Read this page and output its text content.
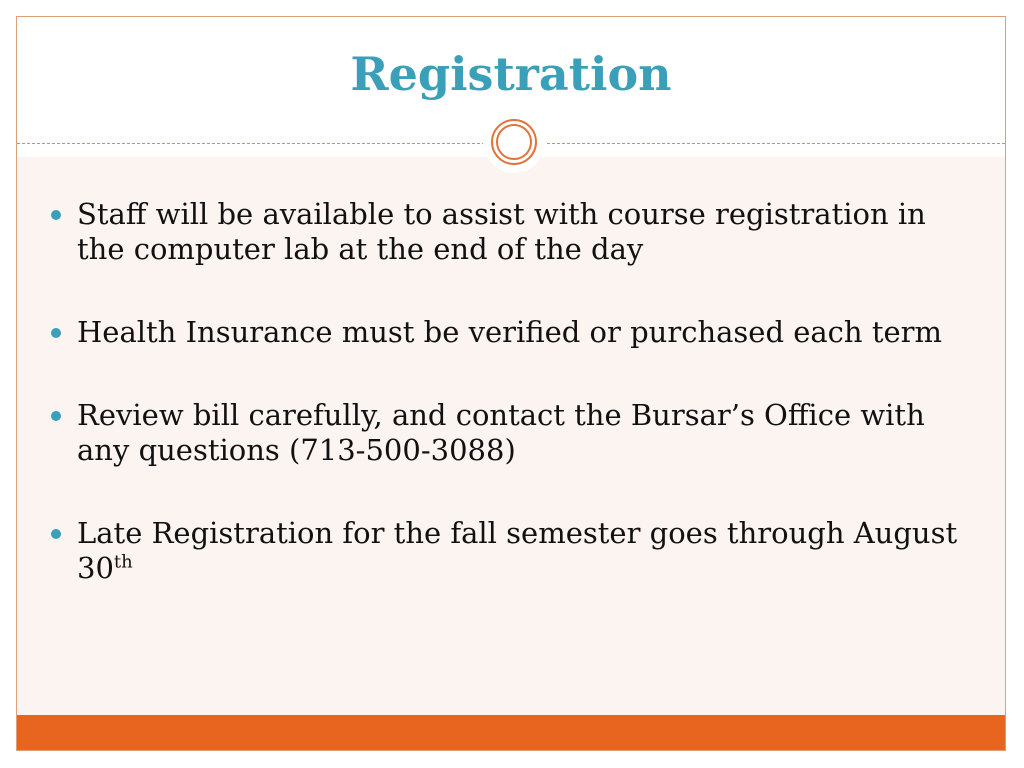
Registration
Staff will be available to assist with course registration in the computer lab at the end of the day
Health Insurance must be verified or purchased each term
Review bill carefully, and contact the Bursar’s Office with any questions (713-500-3088)
Late Registration for the fall semester goes through August 30th
